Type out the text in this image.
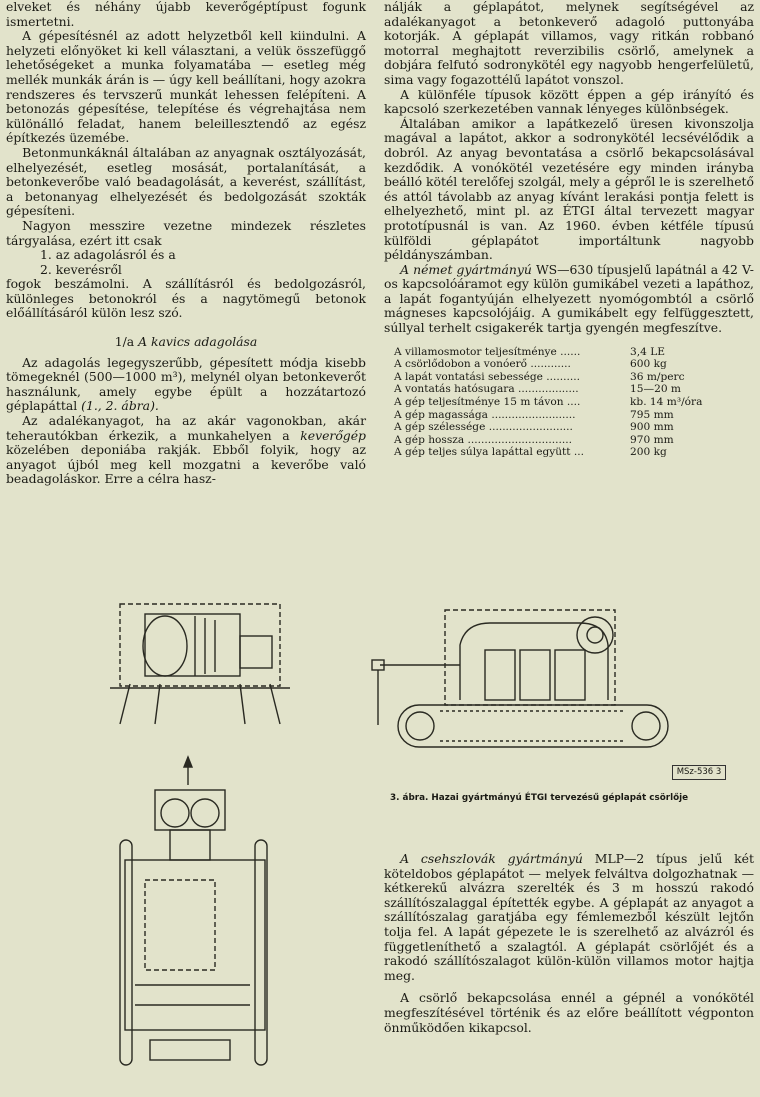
elveket és néhány újabb keverőgéptípust fogunk ismertetni.

A gépesítésnél az adott helyzetből kell kiindulni. A helyzeti előnyöket ki kell választani, a velük összefüggő lehetőségeket a munka folyamatába — esetleg még mellék munkák árán is — úgy kell beállítani, hogy azokra rendszeres és tervszerű munkát lehessen felépíteni. A betonozás gépesítése, telepítése és végrehajtása nem különálló feladat, hanem beleillesztendő az egész építkezés üzemébe.

Betonmunkáknál általában az anyagnak osztályozását, elhelyezését, esetleg mosását, portalanítását, a betonkeverőbe való beadagolását, a keverést, szállítást, a betonanyag elhelyezését és bedolgozását szokták gépesíteni.

Nagyon messzire vezetne mindezek részletes tárgyalása, ezért itt csak

1. az adagolásról és a
2. keverésről

fogok beszámolni. A szállításról és bedolgozásról, különleges betonokról és a nagytömegű betonok előállításáról külön lesz szó.

1/a A kavics adagolása

Az adagolás legegyszerűbb, gépesített módja kisebb tömegeknél (500—1000 m³), melynél olyan betonkeverőt használunk, amely egybe épült a hozzátartozó géplapáttal (1., 2. ábra).

Az adalékanyagot, ha az akár vagonokban, akár teherautókban érkezik, a munkahelyen a keverőgép közelében deponiába rakják. Ebből folyik, hogy az anyagot újból meg kell mozgatni a keverőbe való beadagoláskor. Erre a célra hasz-

nálják a géplapátot, melynek segítségével az adalékanyagot a betonkeverő adagoló puttonyába kotorják. A géplapát villamos, vagy ritkán robbanó motorral meghajtott reverzibilis csörlő, amelynek a dobjára felfutó sodronykötél egy nagyobb hengerfelületű, sima vagy fogazottélű lapátot vonszol.

A különféle típusok között éppen a gép irányító és kapcsoló szerkezetében vannak lényeges különbségek.

Általában amikor a lapátkezelő üresen kivonszolja magával a lapátot, akkor a sodronykötél lecsévélődik a dobról. Az anyag bevontatása a csörlő bekapcsolásával kezdődik. A vonókötél vezetésére egy minden irányba beálló kötél terelőfej szolgál, mely a gépről le is szerelhető és attól távolabb az anyag kívánt lerakási pontja felett is elhelyezhető, mint pl. az ÉTGI által tervezett magyar prototípusnál is van. Az 1960. évben kétféle típusú külföldi géplapátot importáltunk nagyobb példányszámban.

A német gyártmányú WS—630 típusjelű lapátnál a 42 V-os kapcsolóáramot egy külön gumikábel vezeti a lapáthoz, a lapát fogantyúján elhelyezett nyomógombtól a csörlő mágneses kapcsolójáig. A gumikábelt egy felfüggesztett, súllyal terhelt csigakerék tartja gyengén megfeszítve.

A villamosmotor teljesítménye ......	3,4 LE
A csörlődobon a vonóerő ............	600 kg
A lapát vontatási sebessége ..........	36 m/perc
A vontatás hatósugara ..................	15—20 m
A gép teljesítménye 15 m távon ....	kb. 14 m³/óra
A gép magassága .........................	795 mm
A gép szélessége .........................	900 mm
A gép hossza ...............................	970 mm
A gép teljes súlya lapáttal együtt ...	200 kg
MSz-536 3
3. ábra. Hazai gyártmányú ÉTGI tervezésű géplapát csörlője

A csehszlovák gyártmányú MLP—2 típus jelű két köteldobos géplapátot — melyek felváltva dolgozhatnak — kétkerekű alvázra szerelték és 3 m hosszú rakodó szállítószalaggal építették egybe. A géplapát az anyagot a szállítószalag garatjába egy fémlemezből készült lejtőn tolja fel. A lapát gépezete le is szerelhető az alvázról és függetleníthető a szalagtól. A géplapát csörlőjét és a rakodó szállítószalagot külön-külön villamos motor hajtja meg.

A csörlő bekapcsolása ennél a gépnél a vonókötél megfeszítésével történik és az előre beállított végponton önműködően kikapcsol.
